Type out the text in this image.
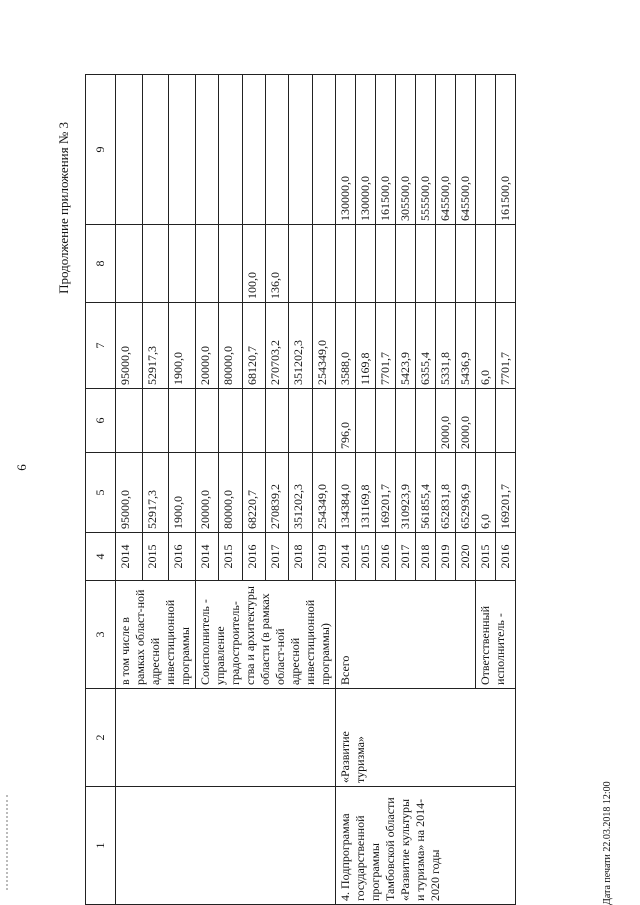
6
Продолжение приложения № 3
1	2	3	4	5	6	7	8	9
		в том числе в рамках област-ной адресной инвестиционной программы	2014	95000,0		95000,0		
			2015	52917,3		52917,3		
			2016	1900,0		1900,0		
		Соисполнитель - управление градостроитель-ства и архитектуры области (в рамках област-ной адресной инвестиционной программы)	2014	20000,0		20000,0		
			2015	80000,0		80000,0		
			2016	68220,7		68120,7	100,0	
			2017	270839,2		270703,2	136,0	
			2018	351202,3		351202,3		
			2019	254349,0		254349,0		
4. Подпрограмма государственной программы Тамбовской области «Развитие культуры и туризма» на 2014-2020 годы	«Развитие туризма»	Всего	2014	134384,0	796,0	3588,0		130000,0
			2015	131169,8		1169,8		130000,0
			2016	169201,7		7701,7		161500,0
			2017	310923,9		5423,9		305500,0
			2018	561855,4		6355,4		555500,0
			2019	652831,8	2000,0	5331,8		645500,0
			2020	652936,9	2000,0	5436,9		645500,0
		Ответственный исполнитель -	2015	6,0		6,0		
			2016	169201,7		7701,7		161500,0
Дата печати 22.03.2018 12:00
